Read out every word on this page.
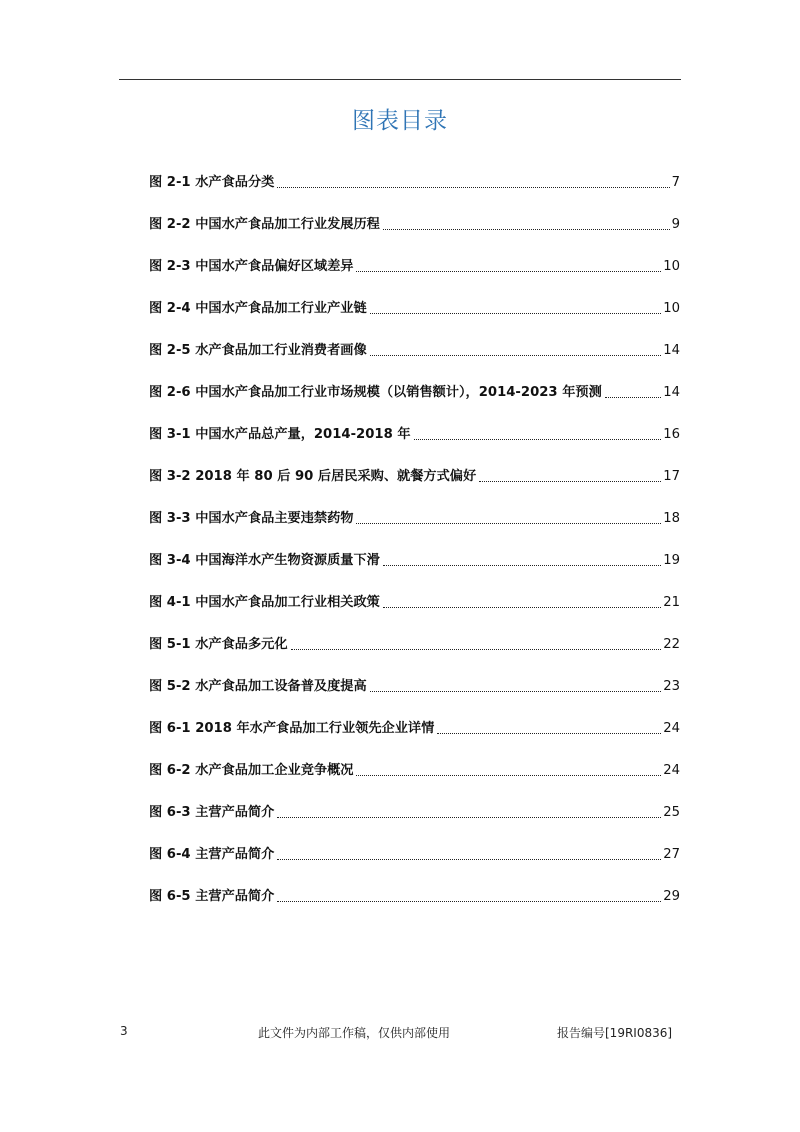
图表目录
图 2-1 水产食品分类	7
图 2-2 中国水产食品加工行业发展历程	9
图 2-3 中国水产食品偏好区域差异	10
图 2-4 中国水产食品加工行业产业链	10
图 2-5 水产食品加工行业消费者画像	14
图 2-6 中国水产食品加工行业市场规模（以销售额计），2014-2023 年预测	14
图 3-1 中国水产品总产量，2014-2018 年	16
图 3-2 2018 年 80 后 90 后居民采购、就餐方式偏好	17
图 3-3 中国水产食品主要违禁药物	18
图 3-4 中国海洋水产生物资源质量下滑	19
图 4-1 中国水产食品加工行业相关政策	21
图 5-1 水产食品多元化	22
图 5-2 水产食品加工设备普及度提高	23
图 6-1 2018 年水产食品加工行业领先企业详情	24
图 6-2 水产食品加工企业竞争概况	24
图 6-3 主营产品简介	25
图 6-4 主营产品简介	27
图 6-5 主营产品简介	29
3	此文件为内部工作稿，仅供内部使用	报告编号[19RI0836]
